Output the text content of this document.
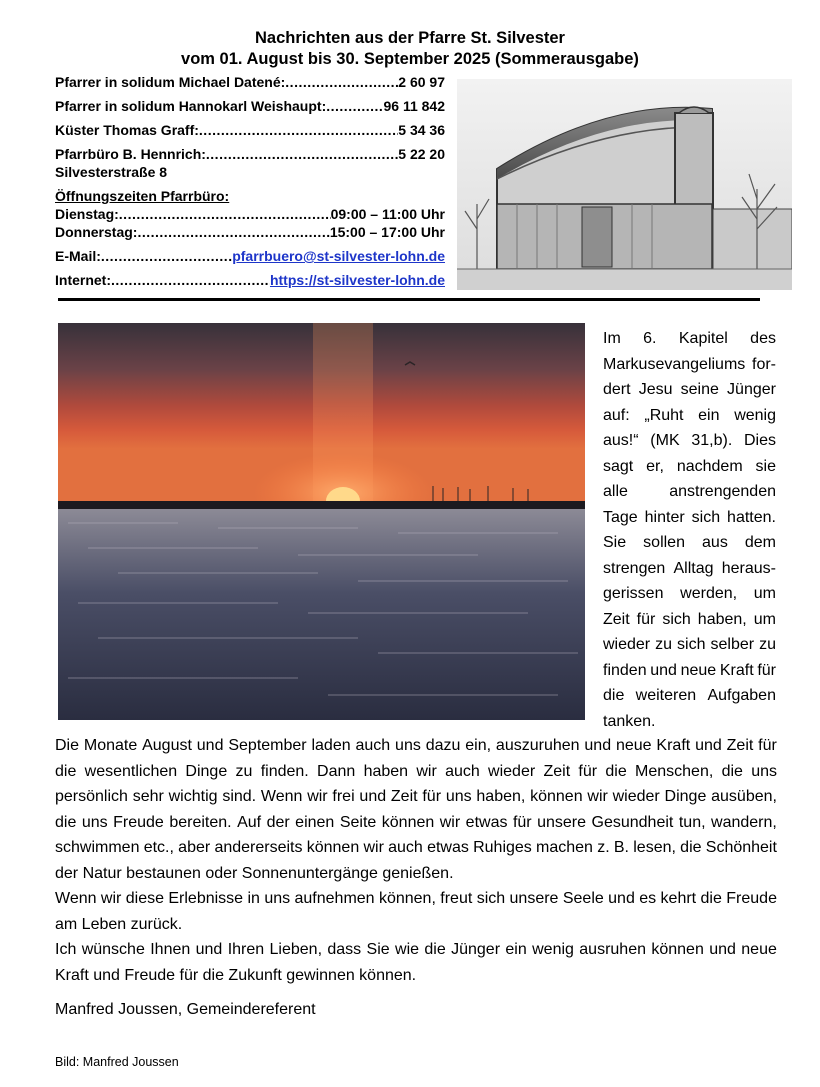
Nachrichten aus der Pfarre St. Silvester
vom 01. August bis 30. September 2025 (Sommerausgabe)
Pfarrer in solidum Michael Datené: .....	2 60 97
Pfarrer in solidum Hannokarl Weishaupt: .....	96 11 842
Küster Thomas Graff: .....	5 34 36
Pfarrbüro B. Hennrich: .....	5 22 20
Silvesterstraße 8
Öffnungszeiten Pfarrbüro:
Dienstag: .....	09:00 – 11:00 Uhr
Donnerstag: .....	15:00 – 17:00 Uhr
E-Mail: .....	pfarrbuero@st-silvester-lohn.de
Internet: .....	https://st-silvester-lohn.de
Im 6. Kapitel des
Markusevangeliums for-
dert Jesu seine Jünger
auf: „Ruht ein wenig
aus!“ (MK 31,b). Dies
sagt er, nachdem sie
alle	anstrengenden
Tage hinter sich hatten.
Sie sollen aus dem
strengen Alltag heraus-
gerissen werden, um
Zeit für sich haben, um
wieder zu sich selber zu
finden und neue Kraft für
die weiteren Aufgaben
tanken.
Die Monate August und September laden auch uns dazu ein, auszuruhen und neue Kraft und Zeit für
die wesentlichen Dinge zu finden. Dann haben wir auch wieder Zeit für die Menschen, die uns
persönlich sehr wichtig sind. Wenn wir frei und Zeit für uns haben, können wir wieder Dinge ausüben,
die uns Freude bereiten. Auf der einen Seite können wir etwas für unsere Gesundheit tun, wandern,
schwimmen etc., aber andererseits können wir auch etwas Ruhiges machen z. B. lesen, die Schönheit
der Natur bestaunen oder Sonnenuntergänge genießen.
Wenn wir diese Erlebnisse in uns aufnehmen können, freut sich unsere Seele und es kehrt die Freude
am Leben zurück.
Ich wünsche Ihnen und Ihren Lieben, dass Sie wie die Jünger ein wenig ausruhen können und neue
Kraft und Freude für die Zukunft gewinnen können.
Manfred Joussen, Gemeindereferent
Bild: Manfred Joussen
